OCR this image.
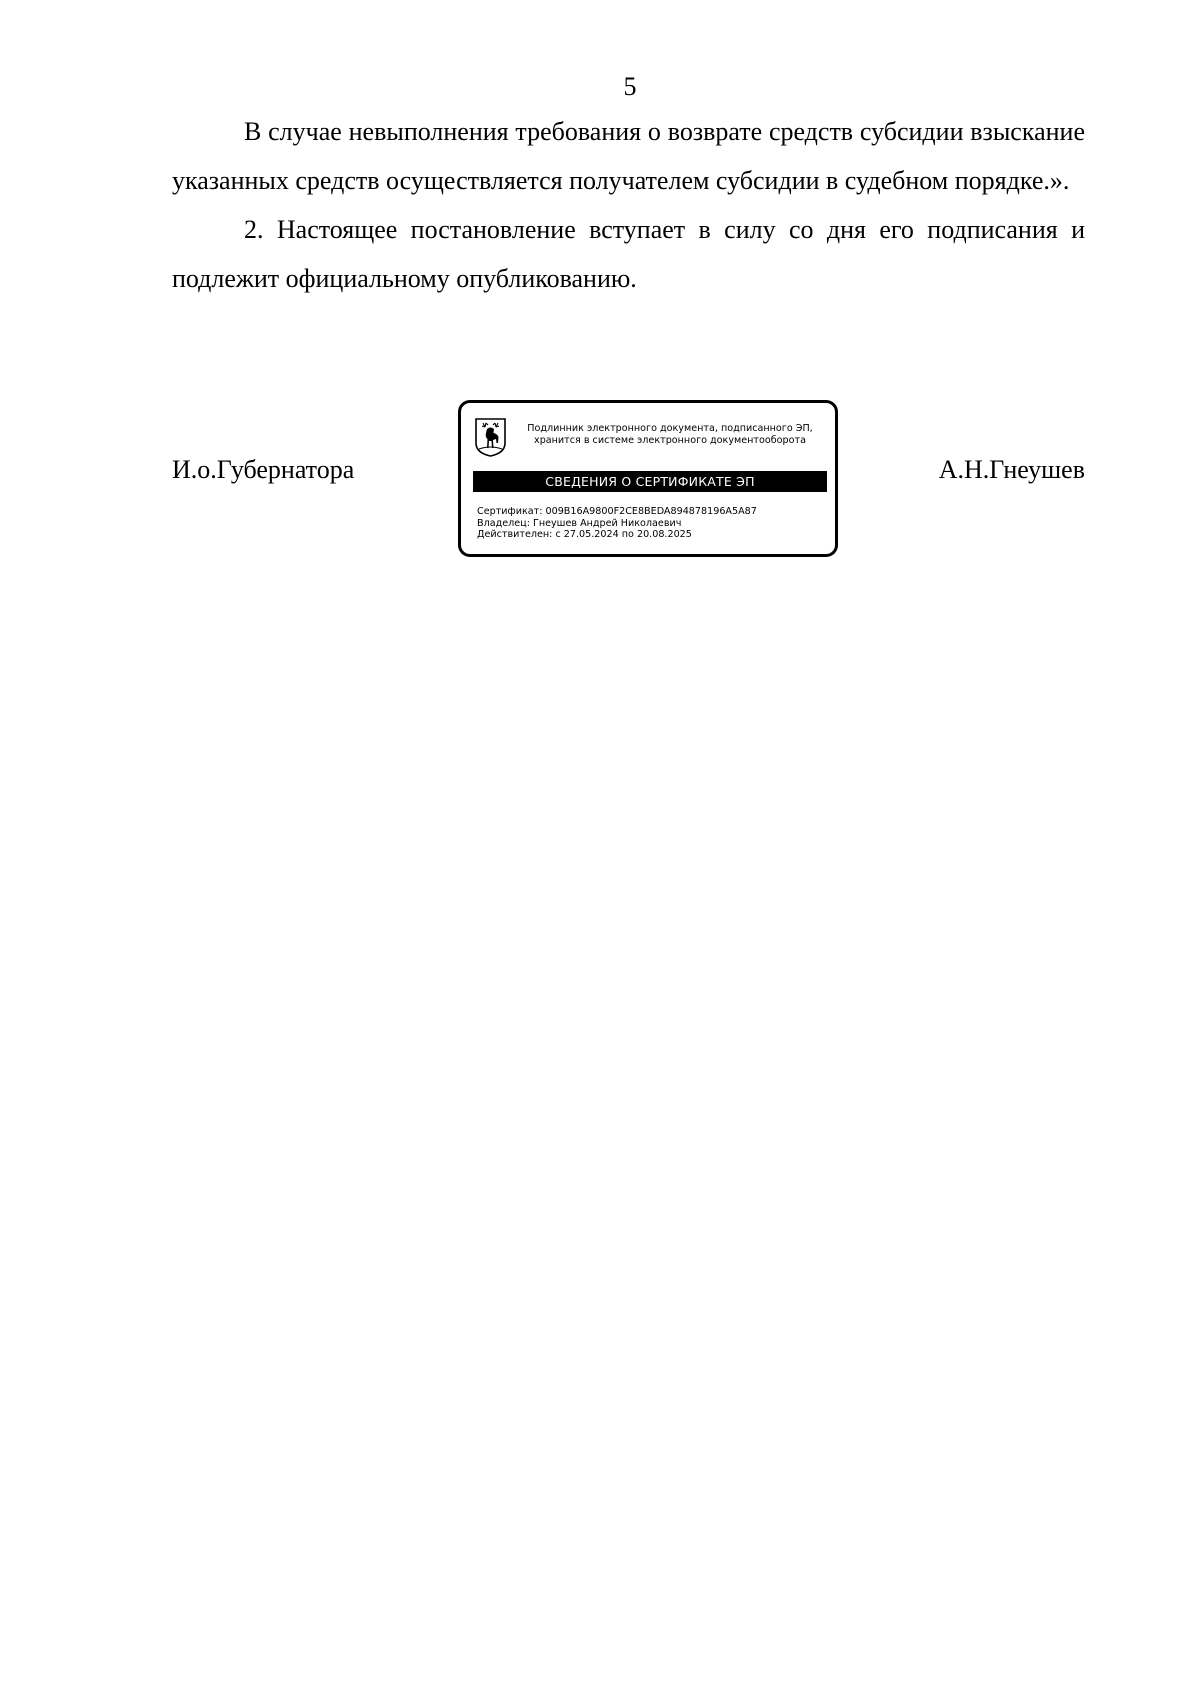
5

В случае невыполнения требования о возврате средств субсидии взыскание указанных средств осуществляется получателем субсидии в судебном порядке.».

2. Настоящее постановление вступает в силу со дня его подписания и подлежит официальному опубликованию.

И.о.Губернатора
Подлинник электронного документа, подписанного ЭП,
хранится в системе электронного документооборота
СВЕДЕНИЯ О СЕРТИФИКАТЕ ЭП
Сертификат: 009B16A9800F2CE8BEDA894878196A5A87
Владелец: Гнеушев Андрей Николаевич
Действителен: с 27.05.2024 по 20.08.2025
А.Н.Гнеушев
